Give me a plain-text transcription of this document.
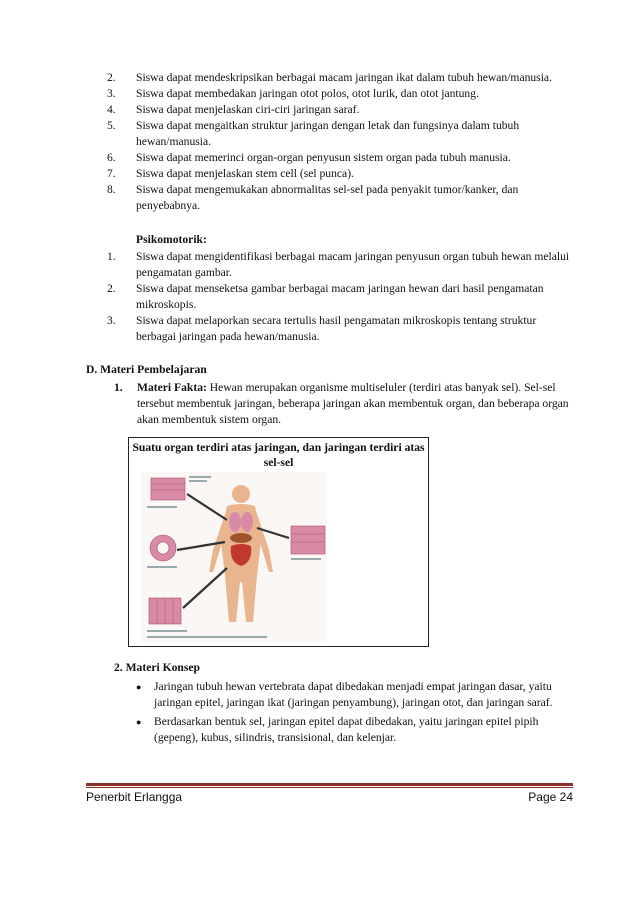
2. Siswa dapat mendeskripsikan berbagai macam jaringan ikat dalam tubuh hewan/manusia.
3. Siswa dapat membedakan jaringan otot polos, otot lurik, dan otot jantung.
4. Siswa dapat menjelaskan ciri-ciri jaringan saraf.
5. Siswa dapat mengaitkan struktur jaringan dengan letak dan fungsinya dalam tubuh hewan/manusia.
6. Siswa dapat memerinci organ-organ penyusun sistem organ pada tubuh manusia.
7. Siswa dapat menjelaskan stem cell (sel punca).
8. Siswa dapat mengemukakan abnormalitas sel-sel pada penyakit tumor/kanker, dan penyebabnya.
Psikomotorik:
1. Siswa dapat mengidentifikasi berbagai macam jaringan penyusun organ tubuh hewan melalui pengamatan gambar.
2. Siswa dapat menseketsa gambar berbagai macam jaringan hewan dari hasil pengamatan mikroskopis.
3. Siswa dapat melaporkan secara tertulis hasil pengamatan mikroskopis tentang struktur berbagai jaringan pada hewan/manusia.
D. Materi Pembelajaran
1.	Materi Fakta: Hewan merupakan organisme multiseluler (terdiri atas banyak sel). Sel-sel tersebut membentuk jaringan, beberapa jaringan akan membentuk organ, dan beberapa organ akan membentuk sistem organ.
Suatu organ terdiri atas jaringan, dan jaringan terdiri atas sel-sel
2. Materi Konsep
● Jaringan tubuh hewan vertebrata dapat dibedakan menjadi empat jaringan dasar, yaitu jaringan epitel, jaringan ikat (jaringan penyambung), jaringan otot, dan jaringan saraf.
● Berdasarkan bentuk sel, jaringan epitel dapat dibedakan, yaitu jaringan epitel pipih (gepeng), kubus, silindris, transisional, dan kelenjar.
Penerbit Erlangga	Page 24
